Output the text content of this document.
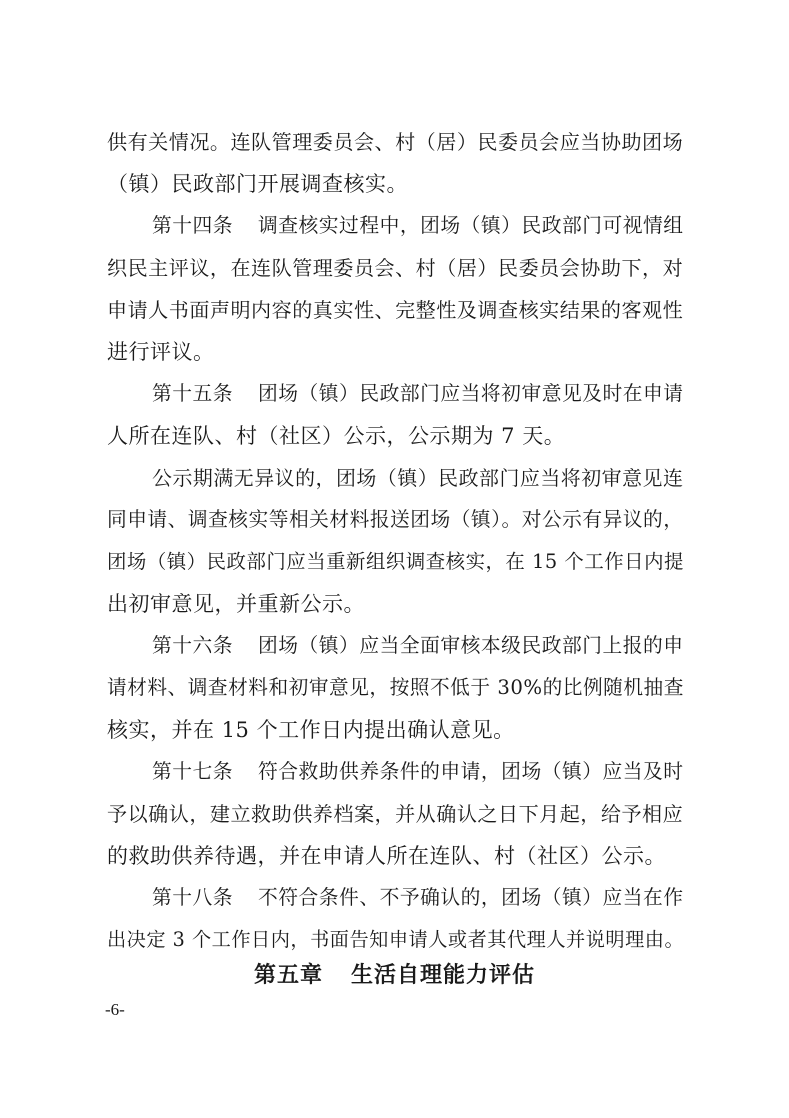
供有关情况。连队管理委员会、村（居）民委员会应当协助团场
（镇）民政部门开展调查核实。
第十四条 调查核实过程中，团场（镇）民政部门可视情组
织民主评议，在连队管理委员会、村（居）民委员会协助下，对
申请人书面声明内容的真实性、完整性及调查核实结果的客观性
进行评议。
第十五条 团场（镇）民政部门应当将初审意见及时在申请
人所在连队、村（社区）公示，公示期为 7 天。
公示期满无异议的，团场（镇）民政部门应当将初审意见连
同申请、调查核实等相关材料报送团场（镇）。对公示有异议的，
团场（镇）民政部门应当重新组织调查核实，在 15 个工作日内提
出初审意见，并重新公示。
第十六条 团场（镇）应当全面审核本级民政部门上报的申
请材料、调查材料和初审意见，按照不低于 30%的比例随机抽查
核实，并在 15 个工作日内提出确认意见。
第十七条 符合救助供养条件的申请，团场（镇）应当及时
予以确认，建立救助供养档案，并从确认之日下月起，给予相应
的救助供养待遇，并在申请人所在连队、村（社区）公示。
第十八条 不符合条件、不予确认的，团场（镇）应当在作
出决定 3 个工作日内，书面告知申请人或者其代理人并说明理由。
第五章 生活自理能力评估
-6-
